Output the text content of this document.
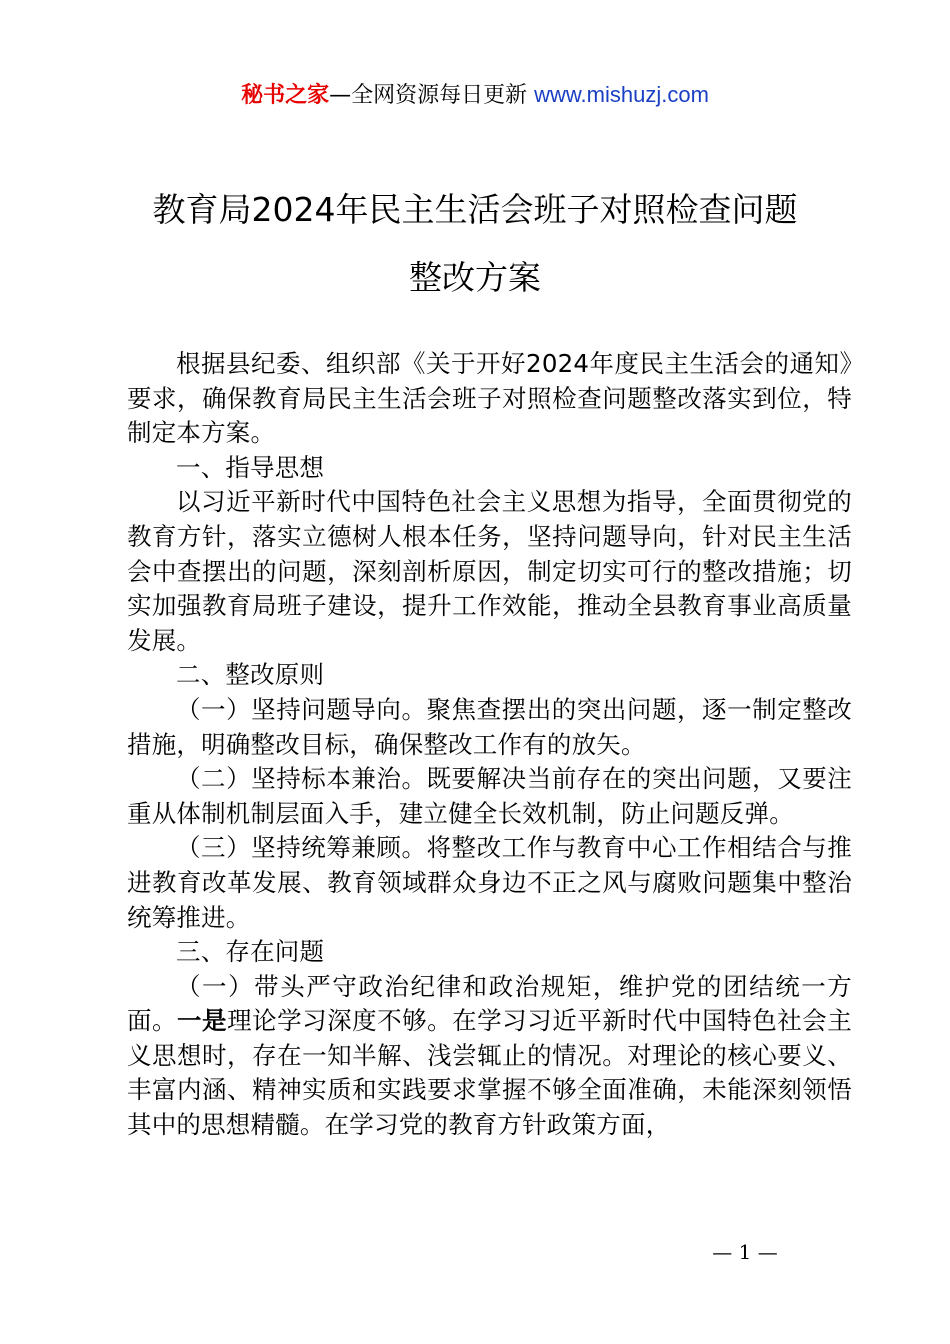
秘书之家—全网资源每日更新 www.mishuzj.com
教育局2024年民主生活会班子对照检查问题
整改方案

根据县纪委、组织部《关于开好2024年度民主生活会的通知》要求，确保教育局民主生活会班子对照检查问题整改落实到位，特制定本方案。

一、指导思想

以习近平新时代中国特色社会主义思想为指导，全面贯彻党的教育方针，落实立德树人根本任务，坚持问题导向，针对民主生活会中查摆出的问题，深刻剖析原因，制定切实可行的整改措施；切实加强教育局班子建设，提升工作效能，推动全县教育事业高质量发展。

二、整改原则

（一）坚持问题导向。聚焦查摆出的突出问题，逐一制定整改措施，明确整改目标，确保整改工作有的放矢。

（二）坚持标本兼治。既要解决当前存在的突出问题，又要注重从体制机制层面入手，建立健全长效机制，防止问题反弹。

（三）坚持统筹兼顾。将整改工作与教育中心工作相结合与推进教育改革发展、教育领域群众身边不正之风与腐败问题集中整治统筹推进。

三、存在问题

（一）带头严守政治纪律和政治规矩，维护党的团结统一方面。一是理论学习深度不够。在学习习近平新时代中国特色社会主义思想时，存在一知半解、浅尝辄止的情况。对理论的核心要义、丰富内涵、精神实质和实践要求掌握不够全面准确，未能深刻领悟其中的思想精髓。在学习党的教育方针政策方面，

— 1 —
